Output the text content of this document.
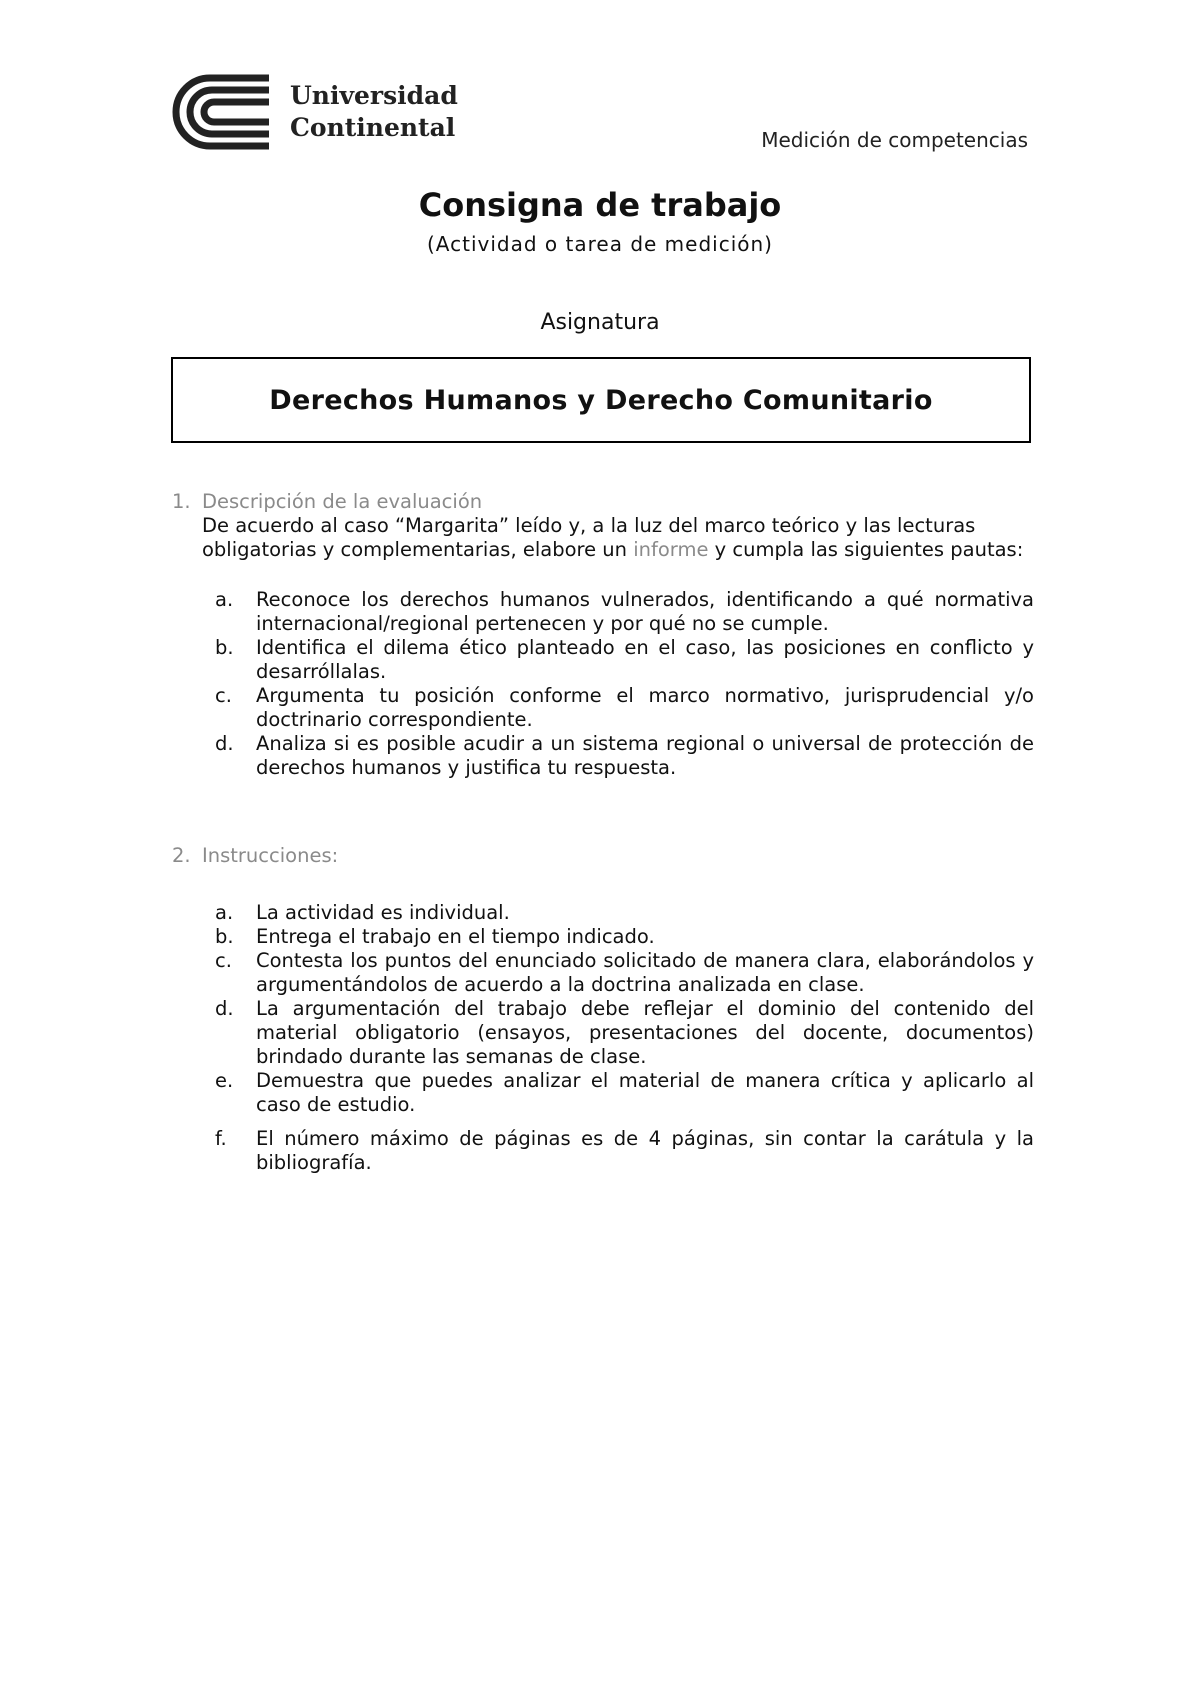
Universidad
Continental	Medición de competencias
Consigna de trabajo
(Actividad o tarea de medición)
Asignatura
Derechos Humanos y Derecho Comunitario
1. Descripción de la evaluación
De acuerdo al caso “Margarita” leído y, a la luz del marco teórico y las lecturas obligatorias y complementarias, elabore un informe y cumpla las siguientes pautas:
a. Reconoce los derechos humanos vulnerados, identificando a qué normativa internacional/regional pertenecen y por qué no se cumple.
b. Identifica el dilema ético planteado en el caso, las posiciones en conflicto y desarróllalas.
c. Argumenta tu posición conforme el marco normativo, jurisprudencial y/o doctrinario correspondiente.
d. Analiza si es posible acudir a un sistema regional o universal de protección de derechos humanos y justifica tu respuesta.
2. Instrucciones:
a. La actividad es individual.
b. Entrega el trabajo en el tiempo indicado.
c. Contesta los puntos del enunciado solicitado de manera clara, elaborándolos y argumentándolos de acuerdo a la doctrina analizada en clase.
d. La argumentación del trabajo debe reflejar el dominio del contenido del material obligatorio (ensayos, presentaciones del docente, documentos) brindado durante las semanas de clase.
e. Demuestra que puedes analizar el material de manera crítica y aplicarlo al caso de estudio.
f. El número máximo de páginas es de 4 páginas, sin contar la carátula y la bibliografía.
